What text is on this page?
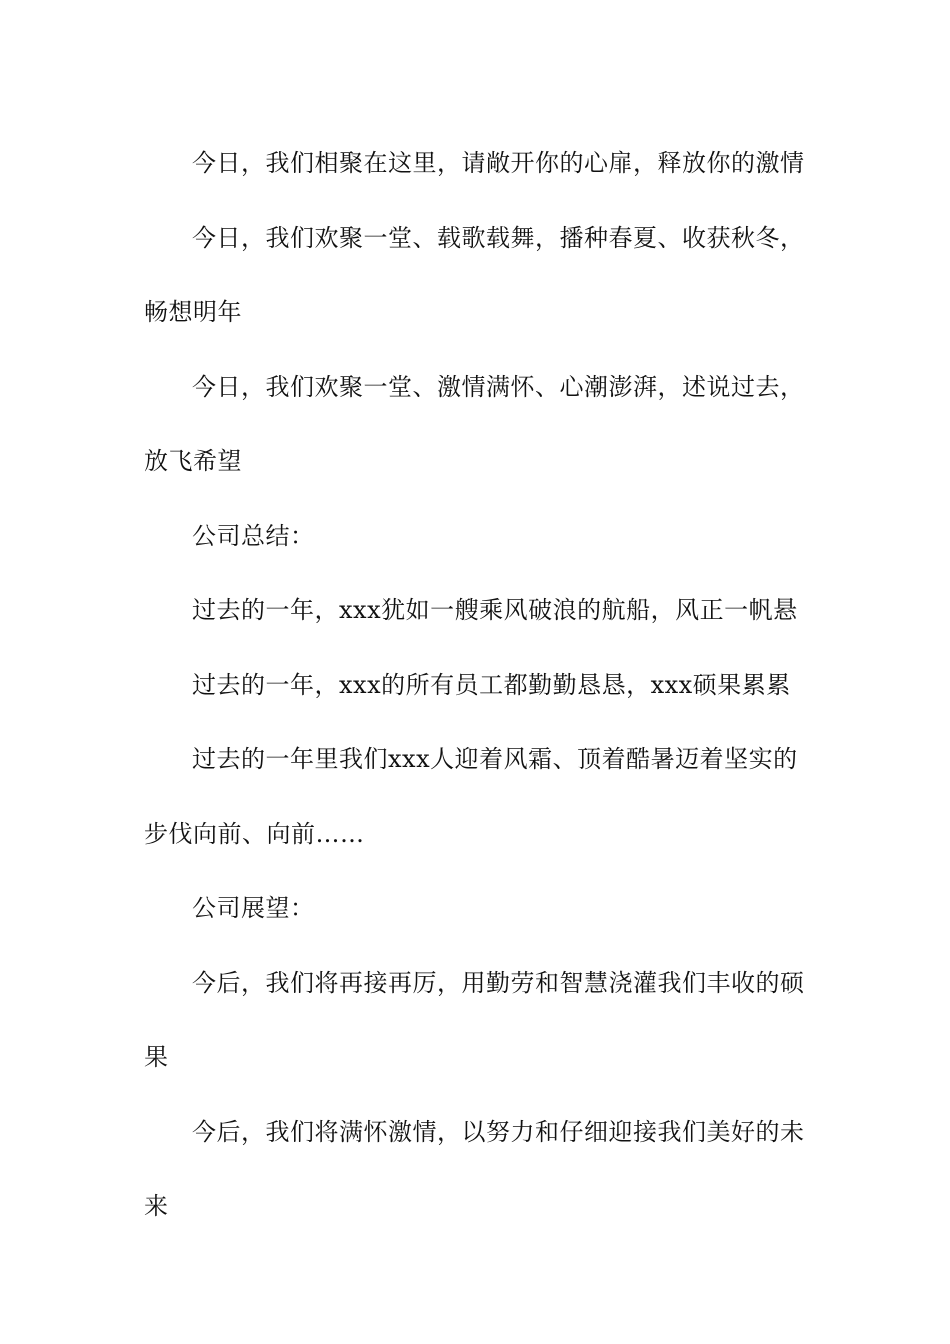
今日，我们相聚在这里，请敞开你的心扉，释放你的激情

今日，我们欢聚一堂、载歌载舞，播种春夏、收获秋冬，畅想明年

今日，我们欢聚一堂、激情满怀、心潮澎湃，述说过去，放飞希望

公司总结：

过去的一年，xxx犹如一艘乘风破浪的航船，风正一帆悬

过去的一年，xxx的所有员工都勤勤恳恳，xxx硕果累累

过去的一年里我们xxx人迎着风霜、顶着酷暑迈着坚实的步伐向前、向前……

公司展望：

今后，我们将再接再厉，用勤劳和智慧浇灌我们丰收的硕果

今后，我们将满怀激情，以努力和仔细迎接我们美好的未来
